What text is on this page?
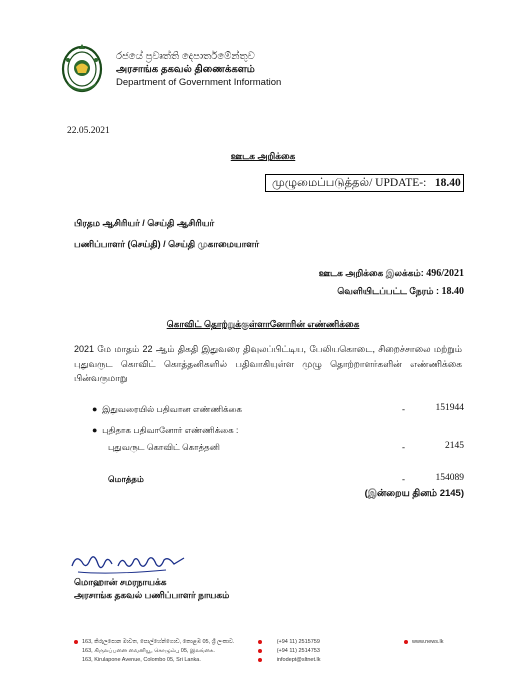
රජයේ ප්‍රවෘත්ති දෙපාර්තමේන්තුව
அரசாங்க தகவல் திணைக்களம்
Department of Government Information
22.05.2021
ஊடக அறிக்கை
முழுமைப்படுத்தல்/ UPDATE-: 18.40
பிரதம ஆசிரியர் / செய்தி ஆசிரியர்
பணிப்பாளர் (செய்தி) / செய்தி முகாமையாளர்
ஊடக அறிக்கை இலக்கம்: 496/2021
வெளியிடப்பட்ட நேரம் : 18.40
கொவிட் தொற்றுக்குள்ளானோரின் எண்ணிக்கை
2021 மே மாதம் 22 ஆம் திகதி இதுவரை திவுலப்பிட்டிய, பேலியகொடை, சிறைச்சாலை மற்றும் புதுவருட கொவிட் கொத்தனிகளில் பதிவாகியுள்ள முழு தொற்றாளர்களின் எண்ணிக்கை பின்வருமாறு
● இதுவரையில் பதிவான எண்ணிக்கை	-	151944
● புதிதாக பதிவானோர் எண்ணிக்கை :
புதுவருட கொவிட் கொத்தனி	-	2145
மொத்தம்	-	154089
(இன்றைய தினம் 2145)
மொஹான் சமரநாயக்க
அரசாங்க தகவல் பணிப்பாளர் நாயகம்
163, කිරුලපොන මාවත, පොල්හේන්ගොඩ, කොළඹ 05, ශ්‍රී ලංකාව.
163, கிருலப்பனை வைனியூ, கொழும்பு 05, இலங்கை.
163, Kirulapone Avenue, Colombo 05, Sri Lanka.
(+94 11) 2515759
(+94 11) 2514753
infodept@sltnet.lk
www.news.lk
